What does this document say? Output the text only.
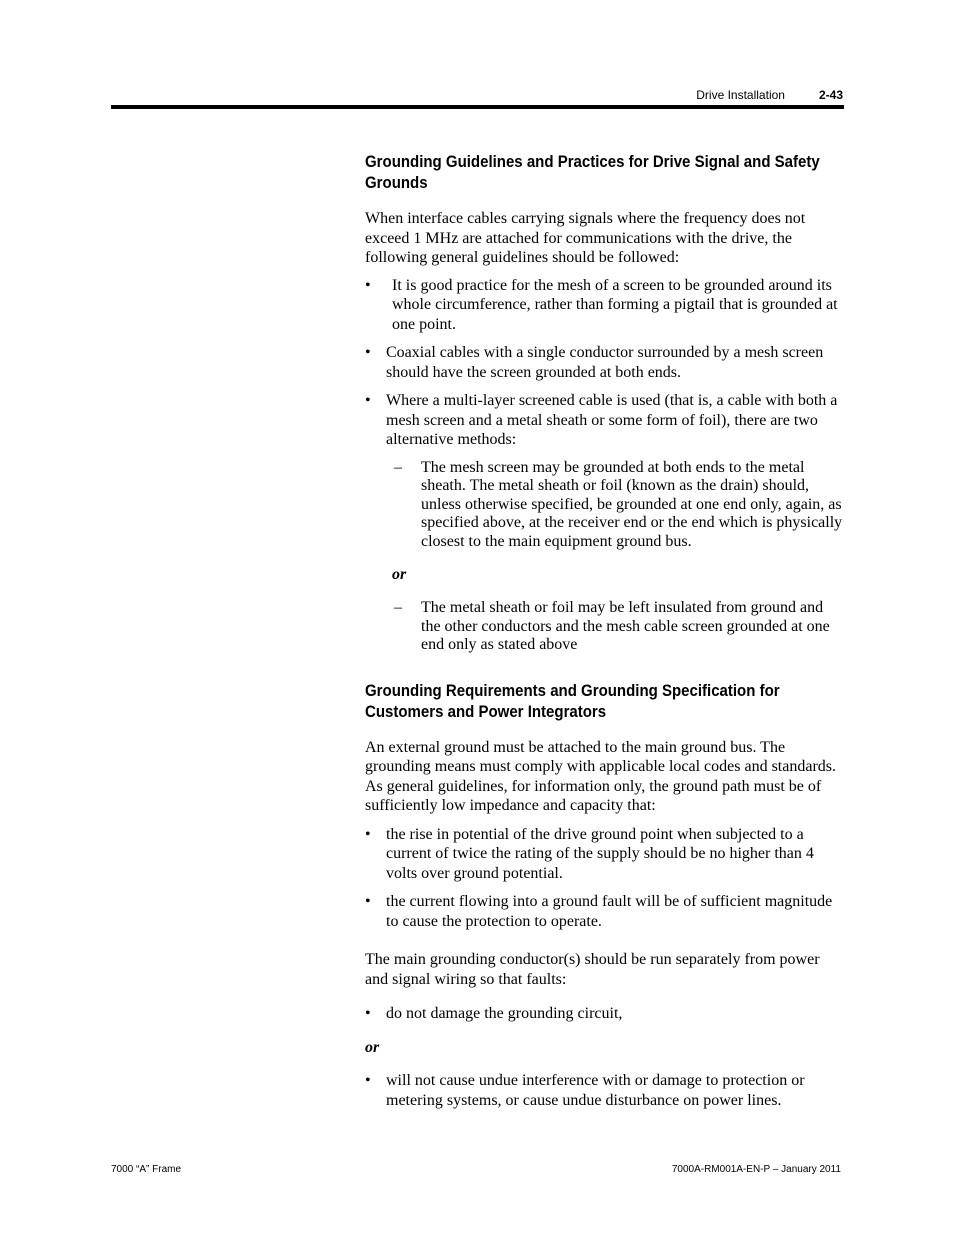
Drive Installation	2-43
Grounding Guidelines and Practices for Drive Signal and Safety Grounds

When interface cables carrying signals where the frequency does not exceed 1 MHz are attached for communications with the drive, the following general guidelines should be followed:

• It is good practice for the mesh of a screen to be grounded around its whole circumference, rather than forming a pigtail that is grounded at one point.
• Coaxial cables with a single conductor surrounded by a mesh screen should have the screen grounded at both ends.
• Where a multi-layer screened cable is used (that is, a cable with both a mesh screen and a metal sheath or some form of foil), there are two alternative methods:
– The mesh screen may be grounded at both ends to the metal sheath. The metal sheath or foil (known as the drain) should, unless otherwise specified, be grounded at one end only, again, as specified above, at the receiver end or the end which is physically closest to the main equipment ground bus.

or

– The metal sheath or foil may be left insulated from ground and the other conductors and the mesh cable screen grounded at one end only as stated above
Grounding Requirements and Grounding Specification for Customers and Power Integrators

An external ground must be attached to the main ground bus. The grounding means must comply with applicable local codes and standards. As general guidelines, for information only, the ground path must be of sufficiently low impedance and capacity that:

• the rise in potential of the drive ground point when subjected to a current of twice the rating of the supply should be no higher than 4 volts over ground potential.
• the current flowing into a ground fault will be of sufficient magnitude to cause the protection to operate.

The main grounding conductor(s) should be run separately from power and signal wiring so that faults:

• do not damage the grounding circuit,

or

• will not cause undue interference with or damage to protection or metering systems, or cause undue disturbance on power lines.
7000 “A” Frame	7000A-RM001A-EN-P – January 2011
